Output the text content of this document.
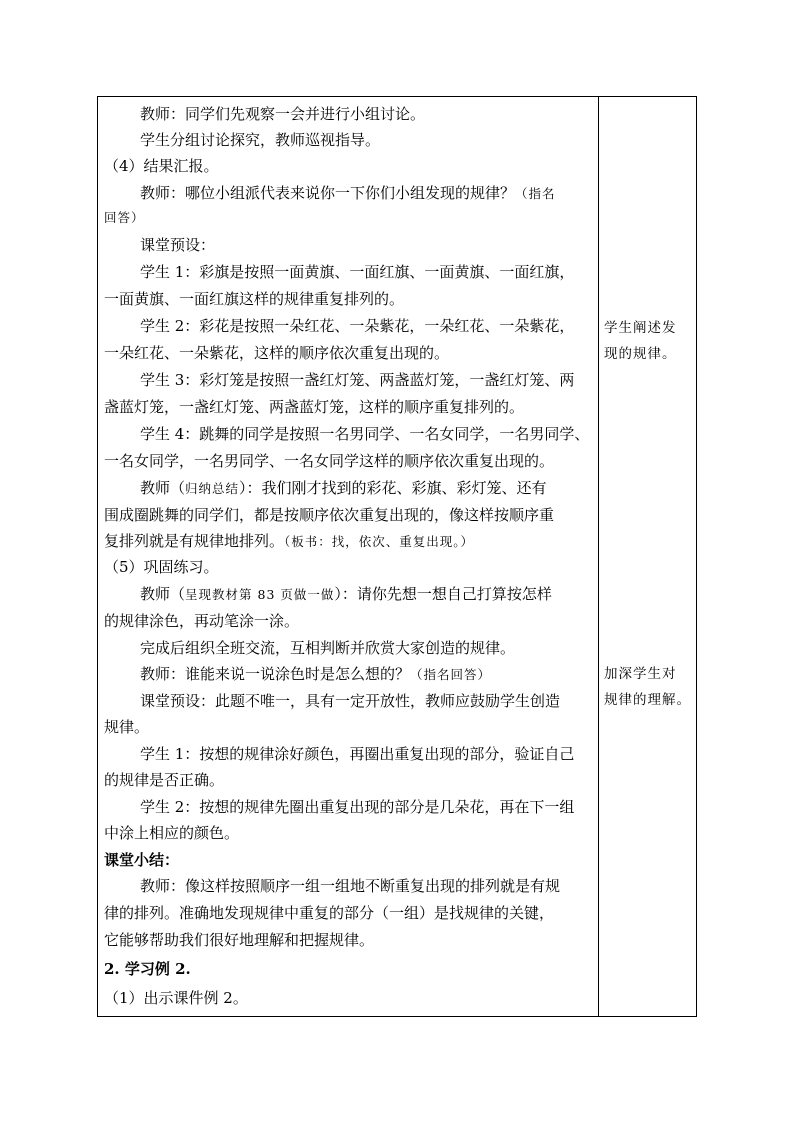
教师：同学们先观察一会并进行小组讨论。
学生分组讨论探究，教师巡视指导。
（4）结果汇报。
教师：哪位小组派代表来说你一下你们小组发现的规律？（指名
回答）
课堂预设：
学生 1：彩旗是按照一面黄旗、一面红旗、一面黄旗、一面红旗，
一面黄旗、一面红旗这样的规律重复排列的。
学生 2：彩花是按照一朵红花、一朵紫花，一朵红花、一朵紫花，
一朵红花、一朵紫花，这样的顺序依次重复出现的。
学生 3：彩灯笼是按照一盏红灯笼、两盏蓝灯笼，一盏红灯笼、两
盏蓝灯笼，一盏红灯笼、两盏蓝灯笼，这样的顺序重复排列的。
学生 4：跳舞的同学是按照一名男同学、一名女同学，一名男同学、
一名女同学，一名男同学、一名女同学这样的顺序依次重复出现的。
教师（归纳总结）：我们刚才找到的彩花、彩旗、彩灯笼、还有
围成圈跳舞的同学们，都是按顺序依次重复出现的，像这样按顺序重
复排列就是有规律地排列。（板书：找，依次、重复出现。）
（5）巩固练习。
教师（呈现教材第 83 页做一做）：请你先想一想自己打算按怎样
的规律涂色，再动笔涂一涂。
完成后组织全班交流，互相判断并欣赏大家创造的规律。
教师：谁能来说一说涂色时是怎么想的？（指名回答）
课堂预设：此题不唯一，具有一定开放性，教师应鼓励学生创造
规律。
学生 1：按想的规律涂好颜色，再圈出重复出现的部分，验证自己
的规律是否正确。
学生 2：按想的规律先圈出重复出现的部分是几朵花，再在下一组
中涂上相应的颜色。
课堂小结：
教师：像这样按照顺序一组一组地不断重复出现的排列就是有规
律的排列。准确地发现规律中重复的部分（一组）是找规律的关键，
它能够帮助我们很好地理解和把握规律。
2. 学习例 2.
（1）出示课件例 2。
学生阐述发
现的规律。
加深学生对
规律的理解。
